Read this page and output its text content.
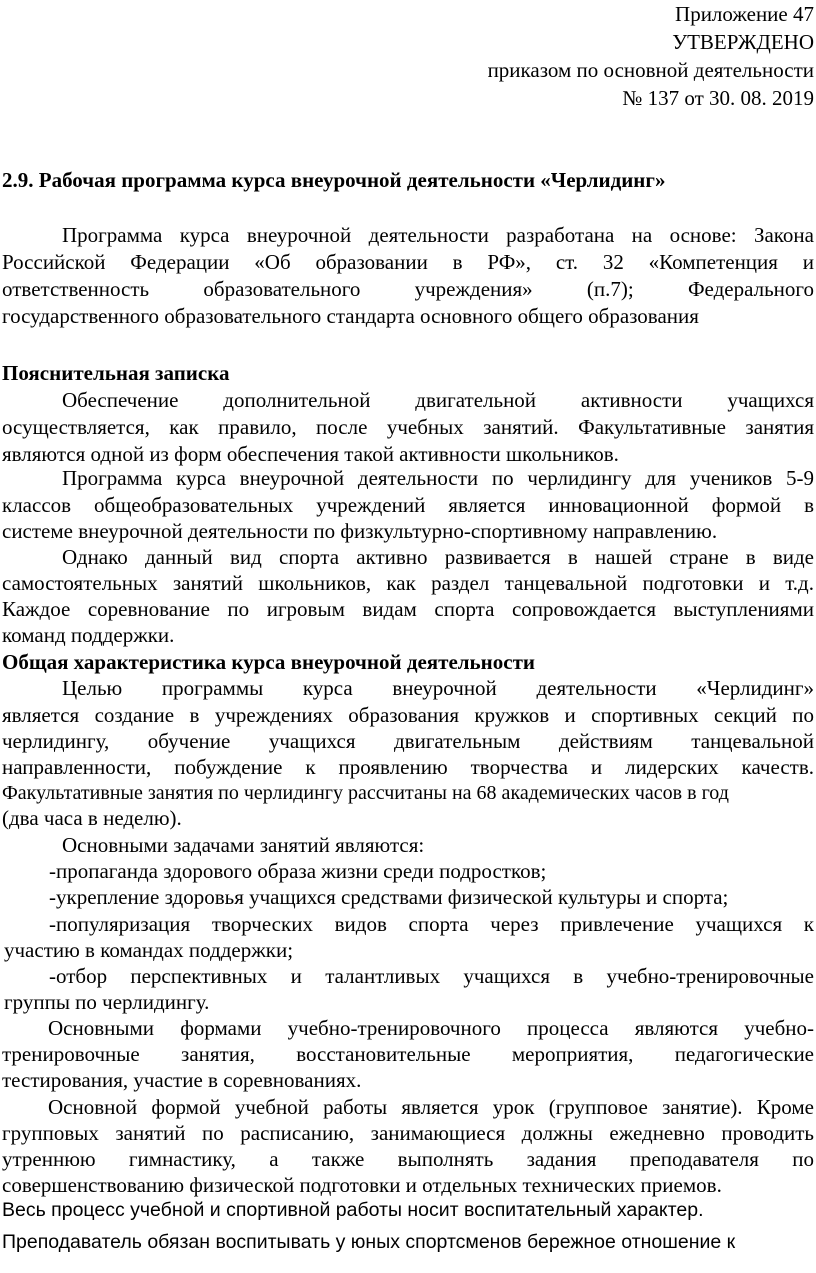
Приложение 47
УТВЕРЖДЕНО
приказом по основной деятельности
№ 137 от 30. 08. 2019
2.9. Рабочая программа курса внеурочной деятельности «Черлидинг»
Программа курса внеурочной деятельности разработана на основе: Закона
Российской Федерации «Об образовании в РФ», ст. 32 «Компетенция и
ответственность образовательного учреждения» (п.7); Федерального
государственного образовательного стандарта основного общего образования
Пояснительная записка
Обеспечение дополнительной двигательной активности учащихся
осуществляется, как правило, после учебных занятий. Факультативные занятия
являются одной из форм обеспечения такой активности школьников.
Программа курса внеурочной деятельности по черлидингу для учеников 5-9
классов общеобразовательных учреждений является инновационной формой в
системе внеурочной деятельности по физкультурно-спортивному направлению.
Однако данный вид спорта активно развивается в нашей стране в виде
самостоятельных занятий школьников, как раздел танцевальной подготовки и т.д.
Каждое соревнование по игровым видам спорта сопровождается выступлениями
команд поддержки.
Общая характеристика курса внеурочной деятельности
Целью программы курса внеурочной деятельности «Черлидинг»
является создание в учреждениях образования кружков и спортивных секций по
черлидингу, обучение учащихся двигательным действиям танцевальной
направленности, побуждение к проявлению творчества и лидерских качеств.
Факультативные занятия по черлидингу рассчитаны на 68 академических часов в год
(два часа в неделю).
Основными задачами занятий являются:
-пропаганда здорового образа жизни среди подростков;
-укрепление здоровья учащихся средствами физической культуры и спорта;
-популяризация творческих видов спорта через привлечение учащихся к
участию в командах поддержки;
-отбор перспективных и талантливых учащихся в учебно-тренировочные
группы по черлидингу.
Основными формами учебно-тренировочного процесса являются учебно-
тренировочные занятия, восстановительные мероприятия, педагогические
тестирования, участие в соревнованиях.
Основной формой учебной работы является урок (групповое занятие). Кроме
групповых занятий по расписанию, занимающиеся должны ежедневно проводить
утреннюю гимнастику, а также выполнять задания преподавателя по
совершенствованию физической подготовки и отдельных технических приемов.
Весь процесс учебной и спортивной работы носит воспитательный характер.
Преподаватель обязан воспитывать у юных спортсменов бережное отношение к
